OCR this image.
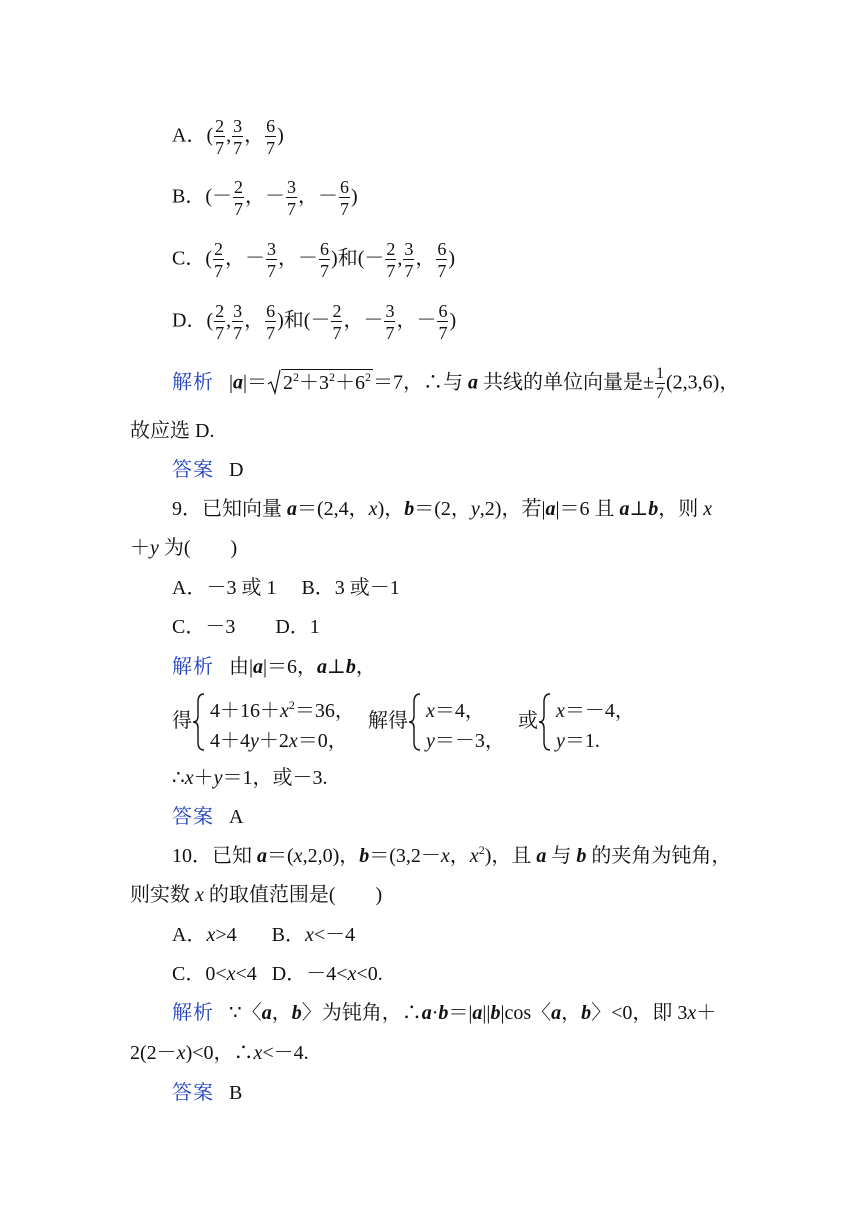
A．( $\frac{2}{7}$ , $\frac{3}{7}$ ， $\frac{6}{7}$ )
B．(－ $\frac{2}{7}$ ，－ $\frac{3}{7}$ ，－ $\frac{6}{7}$ )
C．( $\frac{2}{7}$ ，－ $\frac{3}{7}$ ，－ $\frac{6}{7}$ )和(－ $\frac{2}{7}$ , $\frac{3}{7}$ ， $\frac{6}{7}$ )
D．( $\frac{2}{7}$ , $\frac{3}{7}$ ， $\frac{6}{7}$ )和(－ $\frac{2}{7}$ ，－ $\frac{3}{7}$ ，－ $\frac{6}{7}$ )
解析   $|a|= 2^2+3^2+6^2 =7$，∴与 a 共线的单位向量是± $\frac{1}{7} (2,3,6)$，
故应选 D.
答案 D
9．已知向量 a＝(2,4，x)，b＝(2，y,2)，若|a|＝6 且 a⊥b，则 x
＋y 为(　　)
A．－3 或 1 B．3 或－1
C．－3 D．1
解析 由|a|＝6，a⊥b，
得 $4+16+x^2=36$，
4＋4y＋2x＝0，
解得 x＝4，
y＝－3，
或 x＝－4，
y＝1.
∴x＋y＝1，或－3.
答案 A
10．已知 a＝(x,2,0)，b＝(3,2－x，$x^2$)，且 a 与 b 的夹角为钝角，
则实数 x 的取值范围是(　　)
A．x>4 B．x<－4
C．0<x<4 D．－4<x<0.
解析 ∵〈a，b〉为钝角，∴a·b＝|a||b|cos〈a，b〉<0，即 3x＋
2(2－x)<0，∴x<－4.
答案 B
